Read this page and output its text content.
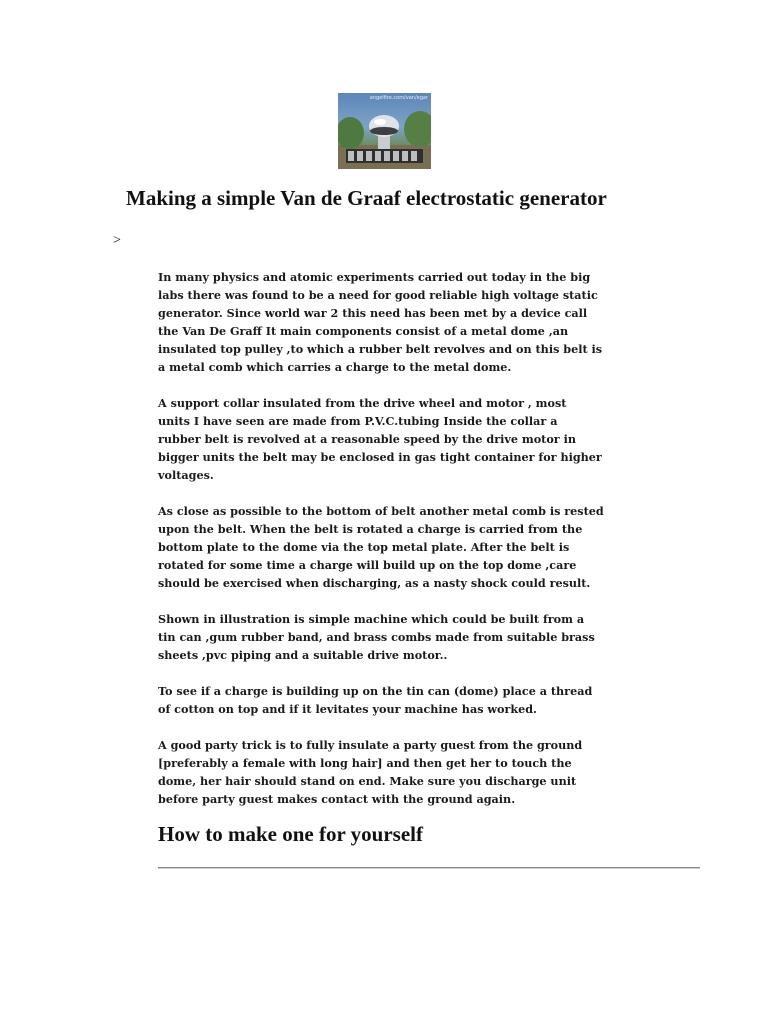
angelfire.com/van/egar
Making a simple Van de Graaf electrostatic generator
>

In many physics and atomic experiments carried out today in the big
labs there was found to be a need for good reliable high voltage static
generator. Since world war 2 this need has been met by a device call
the Van De Graff It main components consist of a metal dome ,an
insulated top pulley ,to which a rubber belt revolves and on this belt is
a metal comb which carries a charge to the metal dome.

A support collar insulated from the drive wheel and motor , most
units I have seen are made from P.V.C.tubing Inside the collar a
rubber belt is revolved at a reasonable speed by the drive motor in
bigger units the belt may be enclosed in gas tight container for higher
voltages.

As close as possible to the bottom of belt another metal comb is rested
upon the belt. When the belt is rotated a charge is carried from the
bottom plate to the dome via the top metal plate. After the belt is
rotated for some time a charge will build up on the top dome ,care
should be exercised when discharging, as a nasty shock could result.

Shown in illustration is simple machine which could be built from a
tin can ,gum rubber band, and brass combs made from suitable brass
sheets ,pvc piping and a suitable drive motor..

To see if a charge is building up on the tin can (dome) place a thread
of cotton on top and if it levitates your machine has worked.

A good party trick is to fully insulate a party guest from the ground
[preferably a female with long hair] and then get her to touch the
dome, her hair should stand on end. Make sure you discharge unit
before party guest makes contact with the ground again.

How to make one for yourself
